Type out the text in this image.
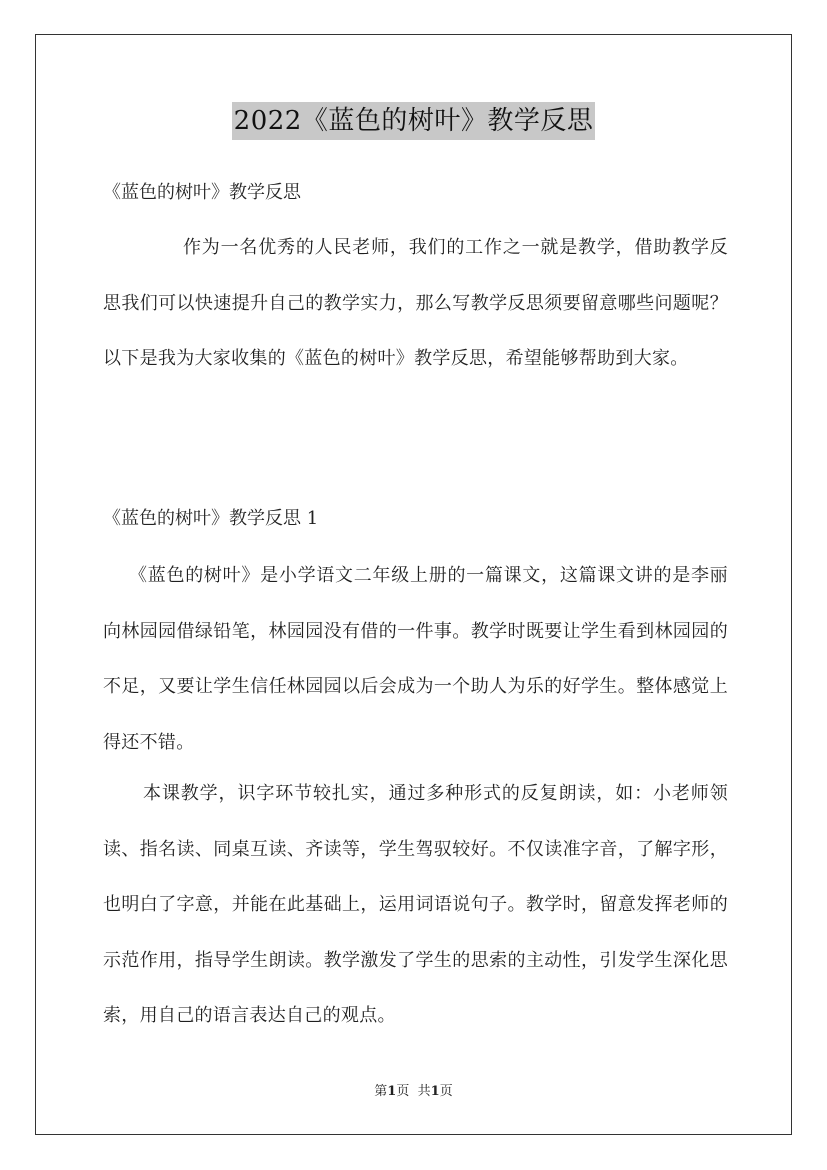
2022《蓝色的树叶》教学反思
《蓝色的树叶》教学反思

作为一名优秀的人民老师，我们的工作之一就是教学，借助教学反思我们可以快速提升自己的教学实力，那么写教学反思须要留意哪些问题呢？以下是我为大家收集的《蓝色的树叶》教学反思，希望能够帮助到大家。

《蓝色的树叶》教学反思 1

《蓝色的树叶》是小学语文二年级上册的一篇课文，这篇课文讲的是李丽向林园园借绿铅笔，林园园没有借的一件事。教学时既要让学生看到林园园的不足，又要让学生信任林园园以后会成为一个助人为乐的好学生。整体感觉上得还不错。

本课教学，识字环节较扎实，通过多种形式的反复朗读，如：小老师领读、指名读、同桌互读、齐读等，学生驾驭较好。不仅读准字音，了解字形，也明白了字意，并能在此基础上，运用词语说句子。教学时，留意发挥老师的示范作用，指导学生朗读。教学激发了学生的思索的主动性，引发学生深化思索，用自己的语言表达自己的观点。

第1页 共1页
